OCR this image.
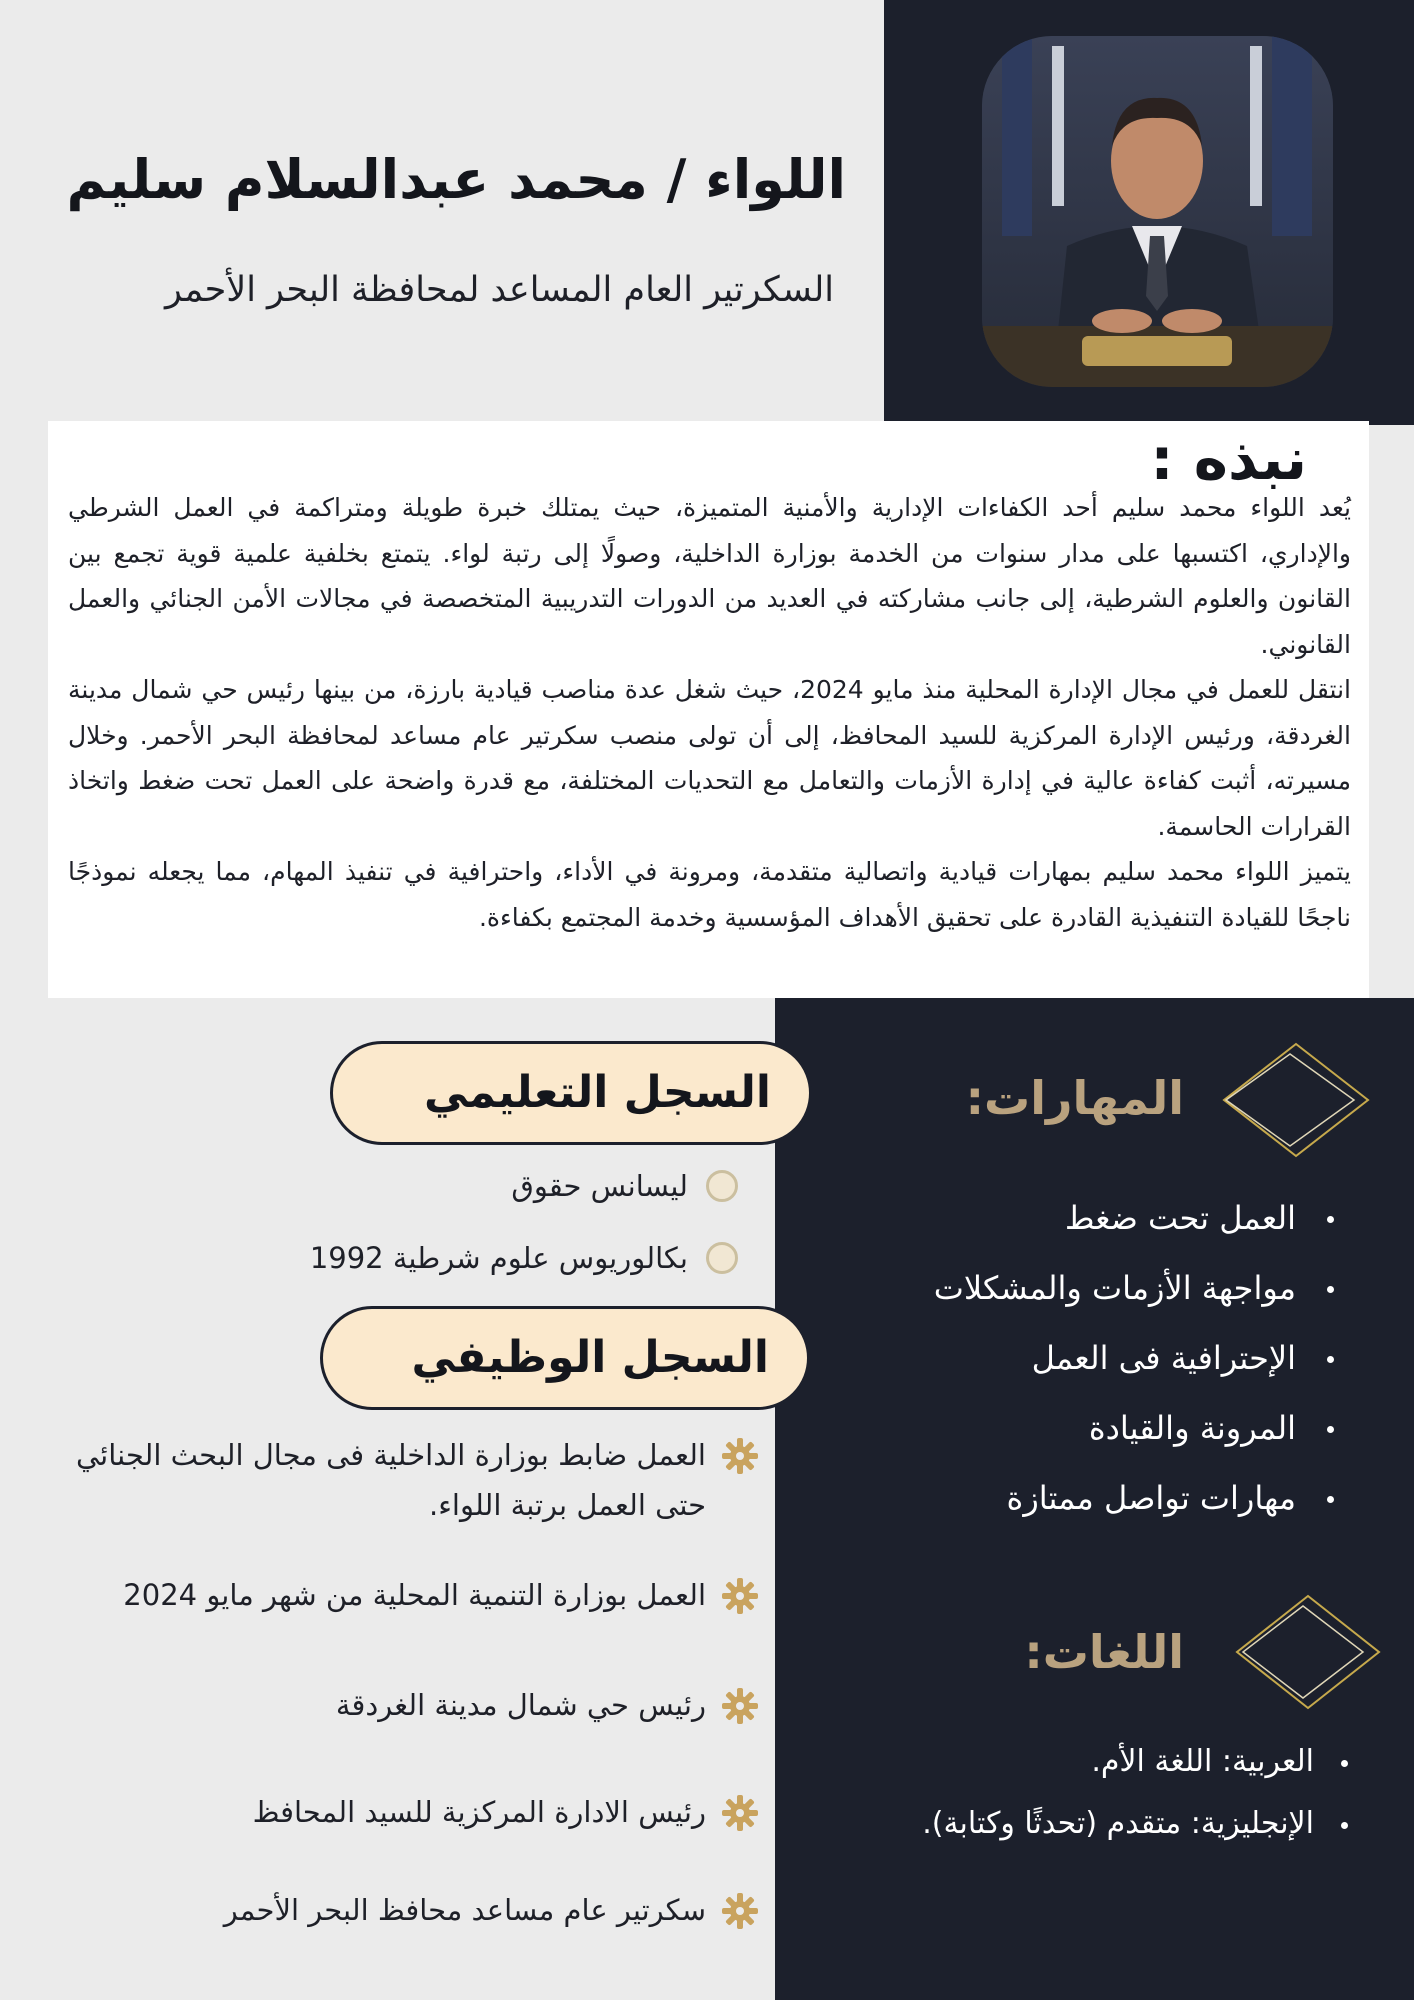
اللواء / محمد عبدالسلام سليم
السكرتير العام المساعد لمحافظة البحر الأحمر
نبذه :

يُعد اللواء محمد سليم أحد الكفاءات الإدارية والأمنية المتميزة، حيث يمتلك خبرة طويلة ومتراكمة في العمل الشرطي والإداري، اكتسبها على مدار سنوات من الخدمة بوزارة الداخلية، وصولًا إلى رتبة لواء. يتمتع بخلفية علمية قوية تجمع بين القانون والعلوم الشرطية، إلى جانب مشاركته في العديد من الدورات التدريبية المتخصصة في مجالات الأمن الجنائي والعمل القانوني.

انتقل للعمل في مجال الإدارة المحلية منذ مايو 2024، حيث شغل عدة مناصب قيادية بارزة، من بينها رئيس حي شمال مدينة الغردقة، ورئيس الإدارة المركزية للسيد المحافظ، إلى أن تولى منصب سكرتير عام مساعد لمحافظة البحر الأحمر. وخلال مسيرته، أثبت كفاءة عالية في إدارة الأزمات والتعامل مع التحديات المختلفة، مع قدرة واضحة على العمل تحت ضغط واتخاذ القرارات الحاسمة.

يتميز اللواء محمد سليم بمهارات قيادية واتصالية متقدمة، ومرونة في الأداء، واحترافية في تنفيذ المهام، مما يجعله نموذجًا ناجحًا للقيادة التنفيذية القادرة على تحقيق الأهداف المؤسسية وخدمة المجتمع بكفاءة.

السجل التعليمي
ليسانس حقوق
بكالوريوس علوم شرطية 1992
السجل الوظيفي
العمل ضابط بوزارة الداخلية فى مجال البحث الجنائي حتى العمل برتبة اللواء.
العمل بوزارة التنمية المحلية من شهر مايو 2024
رئيس حي شمال مدينة الغردقة
رئيس الادارة المركزية للسيد المحافظ
سكرتير عام مساعد محافظ البحر الأحمر
المهارات:
العمل تحت ضغط
مواجهة الأزمات والمشكلات
الإحترافية فى العمل
المرونة والقيادة
مهارات تواصل ممتازة
اللغات:
العربية: اللغة الأم.
الإنجليزية: متقدم (تحدثًا وكتابة).
